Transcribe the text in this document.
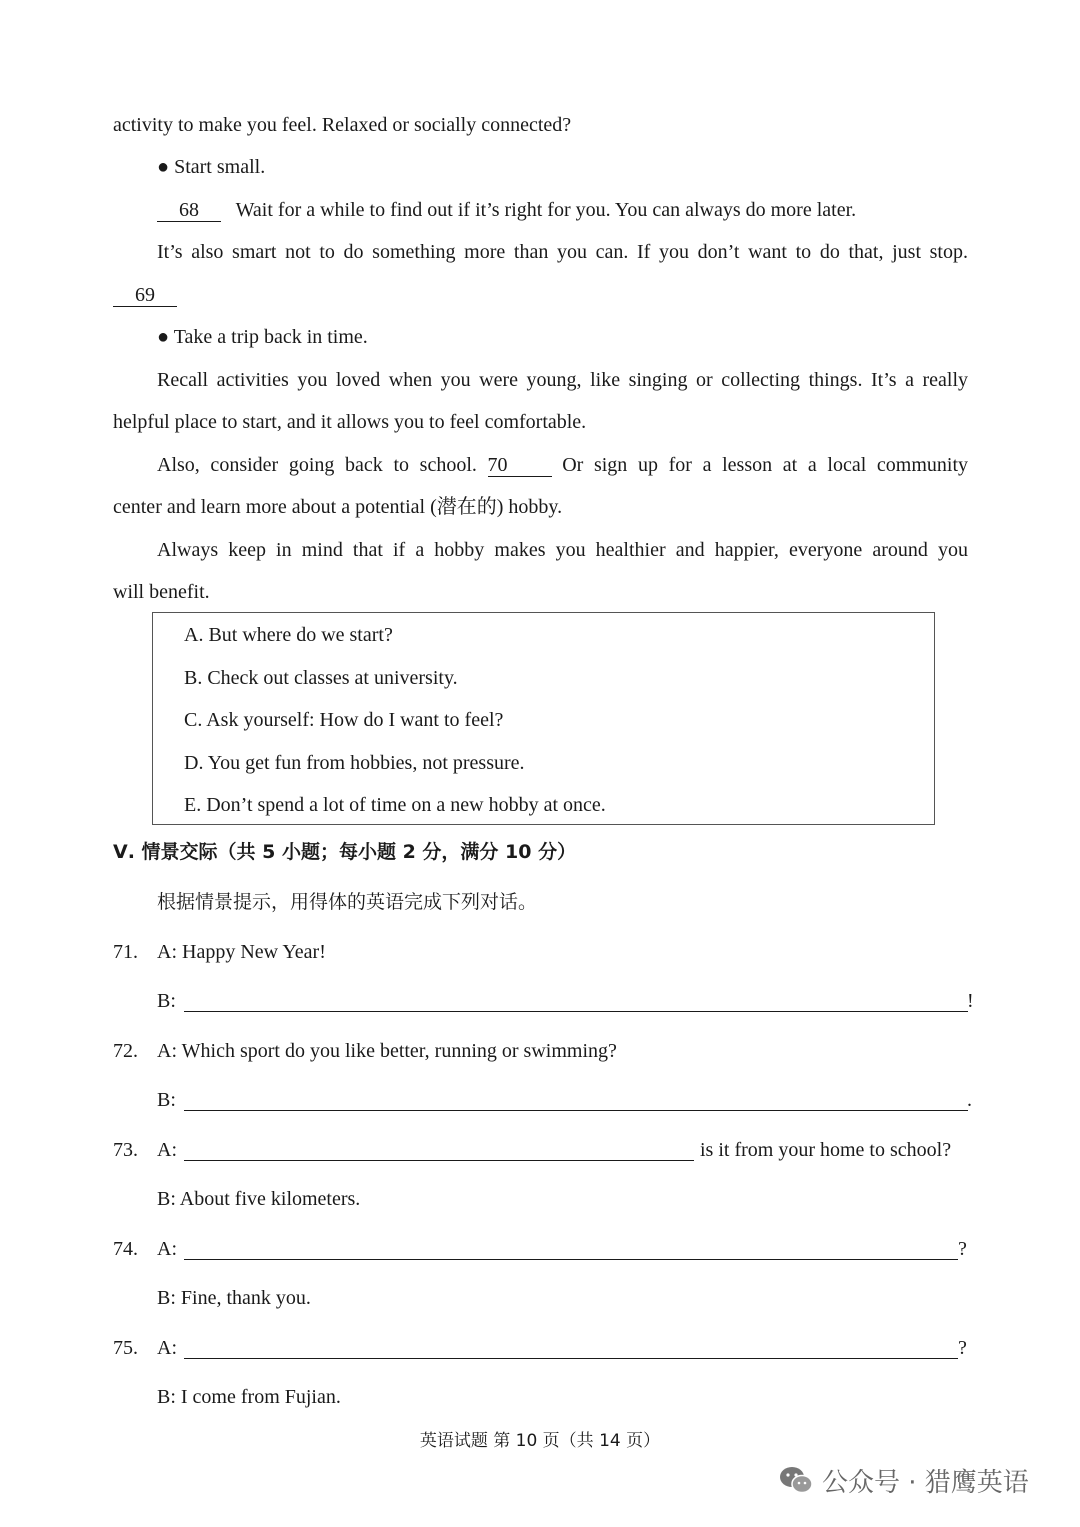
activity to make you feel. Relaxed or socially connected?
● Start small.
68 Wait for a while to find out if it’s right for you. You can always do more later.
It’s also smart not to do something more than you can. If you don’t want to do that, just stop.
69
● Take a trip back in time.
Recall activities you loved when you were young, like singing or collecting things. It’s a really
helpful place to start, and it allows you to feel comfortable.
Also, consider going back to school. 70	Or sign up for a lesson at a local community
center and learn more about a potential (潜在的) hobby.
Always keep in mind that if a hobby makes you healthier and happier, everyone around you
will benefit.
A. But where do we start?
B. Check out classes at university.
C. Ask yourself: How do I want to feel?
D. You get fun from hobbies, not pressure.
E. Don’t spend a lot of time on a new hobby at once.
Ⅴ. 情景交际（共 5 小题；每小题 2 分，满分 10 分）
根据情景提示，用得体的英语完成下列对话。
71. A: Happy New Year!
B:	!
72. A: Which sport do you like better, running or swimming?
B:	.
73. A:	is it from your home to school?
B: About five kilometers.
74. A:	?
B: Fine, thank you.
75. A:	?
B: I come from Fujian.
英语试题 第 10 页（共 14 页）
公众号 · 猎鹰英语
